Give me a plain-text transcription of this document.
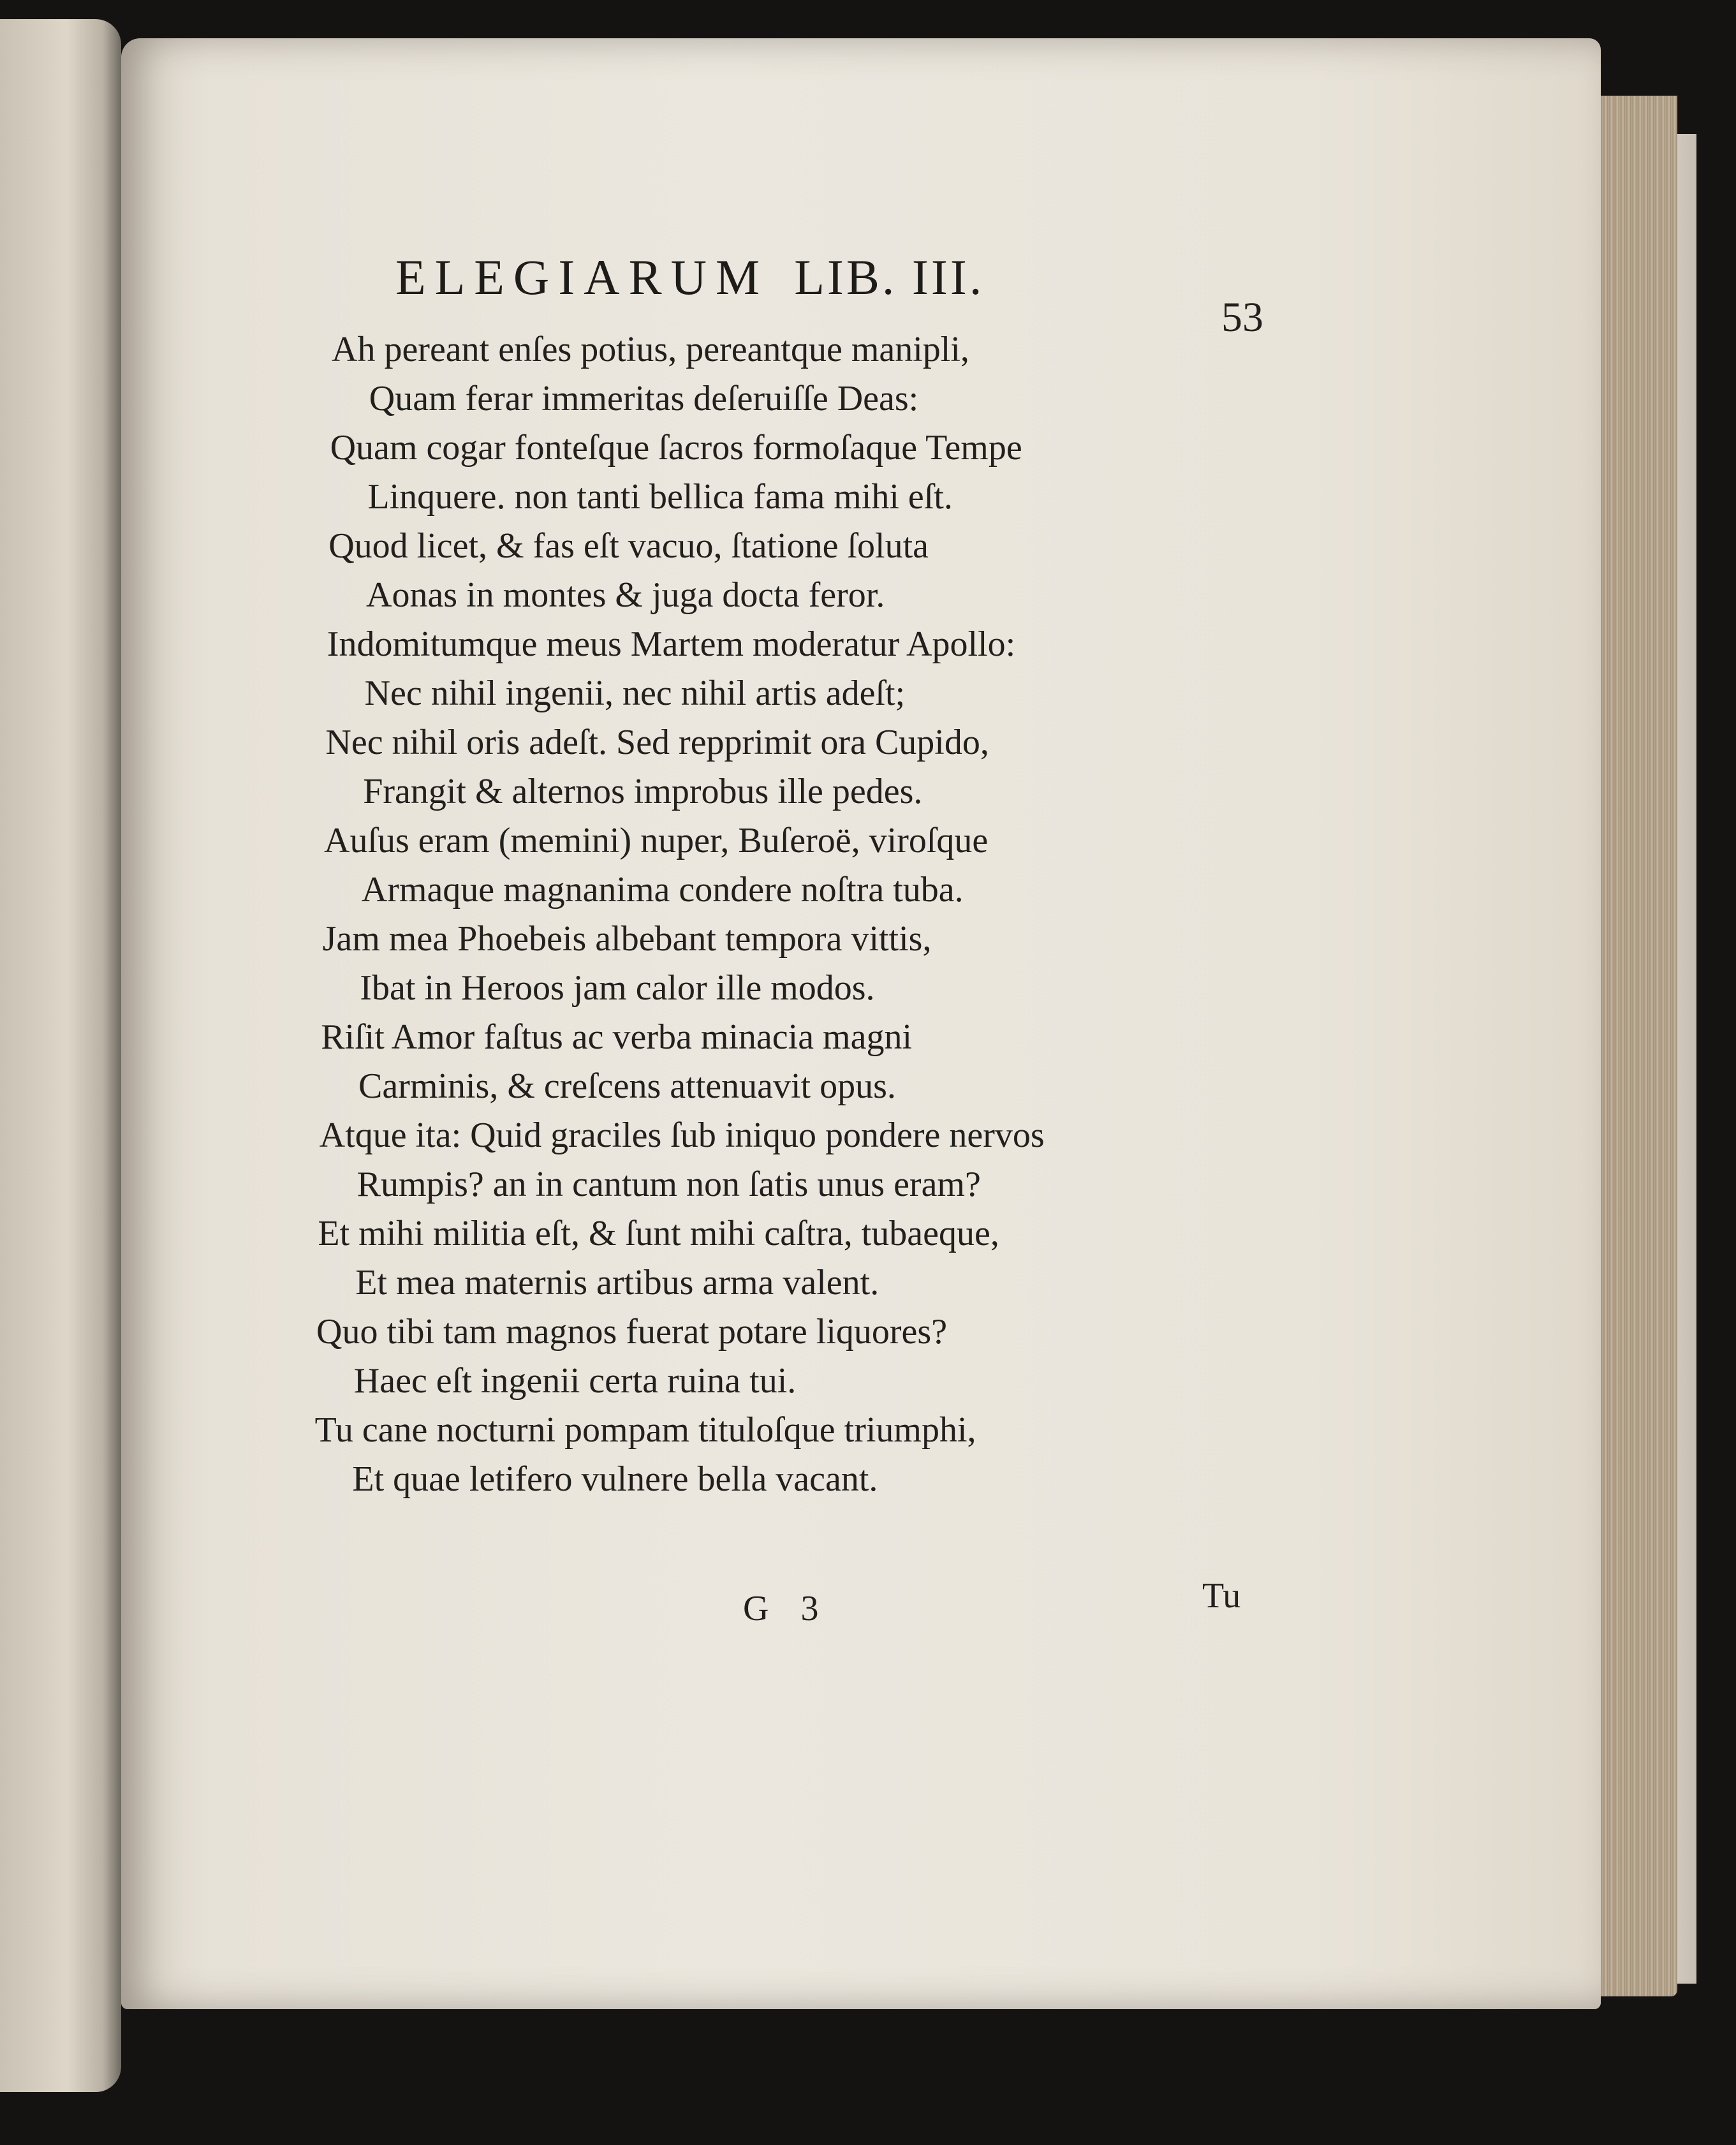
ELEGIARUM LIB. III.
53
Ah pereant enſes potius, pereantque manipli,
Quam ferar immeritas deſeruiſſe Deas:
Quam cogar fonteſque ſacros formoſaque Tempe
Linquere. non tanti bellica fama mihi eſt.
Quod licet, & fas eſt vacuo, ſtatione ſoluta
Aonas in montes & juga docta feror.
Indomitumque meus Martem moderatur Apollo:
Nec nihil ingenii, nec nihil artis adeſt;
Nec nihil oris adeſt. Sed repprimit ora Cupido,
Frangit & alternos improbus ille pedes.
Auſus eram (memini) nuper, Buſeroë, viroſque
Armaque magnanima condere noſtra tuba.
Jam mea Phoebeis albebant tempora vittis,
Ibat in Heroos jam calor ille modos.
Riſit Amor faſtus ac verba minacia magni
Carminis, & creſcens attenuavit opus.
Atque ita: Quid graciles ſub iniquo pondere nervos
Rumpis? an in cantum non ſatis unus eram?
Et mihi militia eſt, & ſunt mihi caſtra, tubaeque,
Et mea maternis artibus arma valent.
Quo tibi tam magnos fuerat potare liquores?
Haec eſt ingenii certa ruina tui.
Tu cane nocturni pompam tituloſque triumphi,
Et quae letifero vulnere bella vacant.
G 3	Tu
